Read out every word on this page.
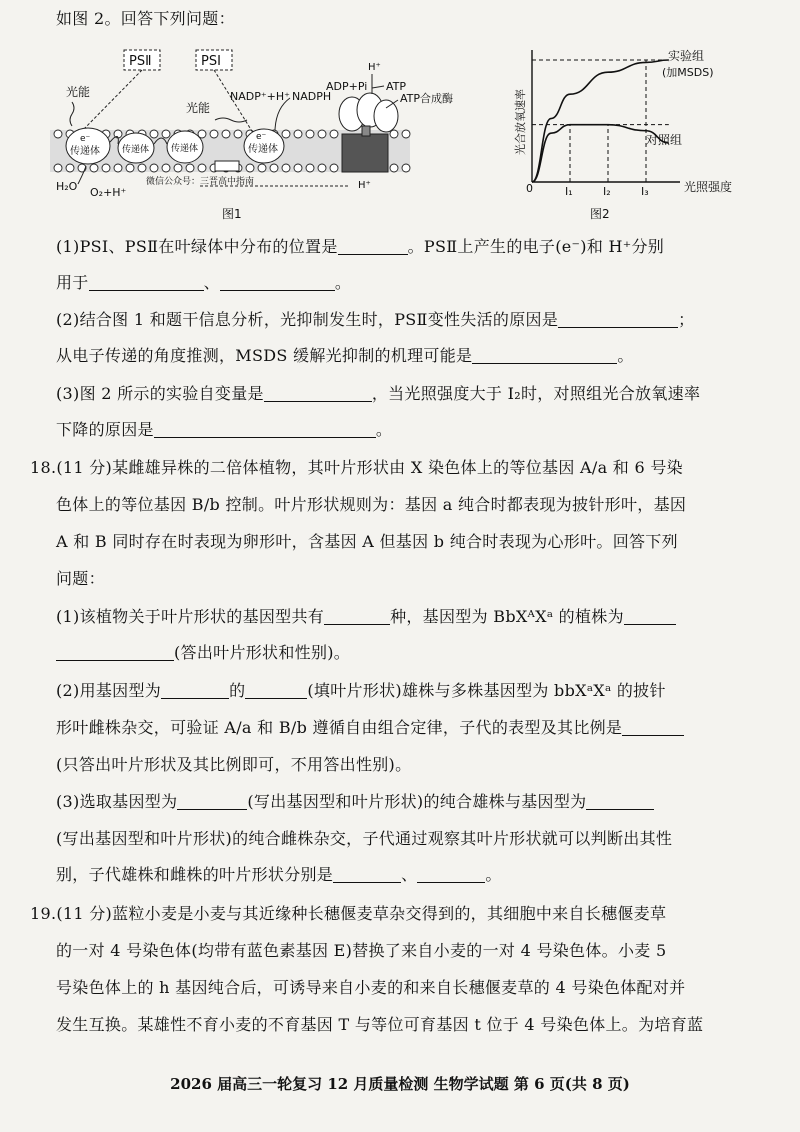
如图 2。回答下列问题：
PSⅡ	PSⅠ
光能
光能
e⁻
传递体 传递体 传递体
e⁻
传递体
NADP⁺+H⁺ NADPH
ADP+Pi ATP
ATP合成酶
H⁺
H⁺
H₂O O₂+H⁺
微信公众号：三晋高中指南
图1
光合放氧速率
光照强度
0
实验组
(加MSDS)
对照组
图2
I₁	I₂	I₃
(1)PSⅠ、PSⅡ在叶绿体中分布的位置是	。PSⅡ上产生的电子(e⁻)和 H⁺分别
用于	、	。
(2)结合图 1 和题干信息分析，光抑制发生时，PSⅡ变性失活的原因是	；
从电子传递的角度推测，MSDS 缓解光抑制的机理可能是	。
(3)图 2 所示的实验自变量是	，当光照强度大于 I₂时，对照组光合放氧速率
下降的原因是	。
18.(11 分)某雌雄异株的二倍体植物，其叶片形状由 X 染色体上的等位基因 A/a 和 6 号染
色体上的等位基因 B/b 控制。叶片形状规则为：基因 a 纯合时都表现为披针形叶，基因
A 和 B 同时存在时表现为卵形叶，含基因 A 但基因 b 纯合时表现为心形叶。回答下列
问题：
(1)该植物关于叶片形状的基因型共有	种，基因型为 BbXᴬXᵃ 的植株为
(答出叶片形状和性别)。
(2)用基因型为	的	(填叶片形状)雄株与多株基因型为 bbXᵃXᵃ 的披针
形叶雌株杂交，可验证 A/a 和 B/b 遵循自由组合定律，子代的表型及其比例是
(只答出叶片形状及其比例即可，不用答出性别)。
(3)选取基因型为	(写出基因型和叶片形状)的纯合雄株与基因型为
(写出基因型和叶片形状)的纯合雌株杂交，子代通过观察其叶片形状就可以判断出其性
别，子代雄株和雌株的叶片形状分别是	、	。
19.(11 分)蓝粒小麦是小麦与其近缘种长穗偃麦草杂交得到的，其细胞中来自长穗偃麦草
的一对 4 号染色体(均带有蓝色素基因 E)替换了来自小麦的一对 4 号染色体。小麦 5
号染色体上的 h 基因纯合后，可诱导来自小麦的和来自长穗偃麦草的 4 号染色体配对并
发生互换。某雄性不育小麦的不育基因 T 与等位可育基因 t 位于 4 号染色体上。为培育蓝
2026 届高三一轮复习 12 月质量检测 生物学试题 第 6 页(共 8 页)
